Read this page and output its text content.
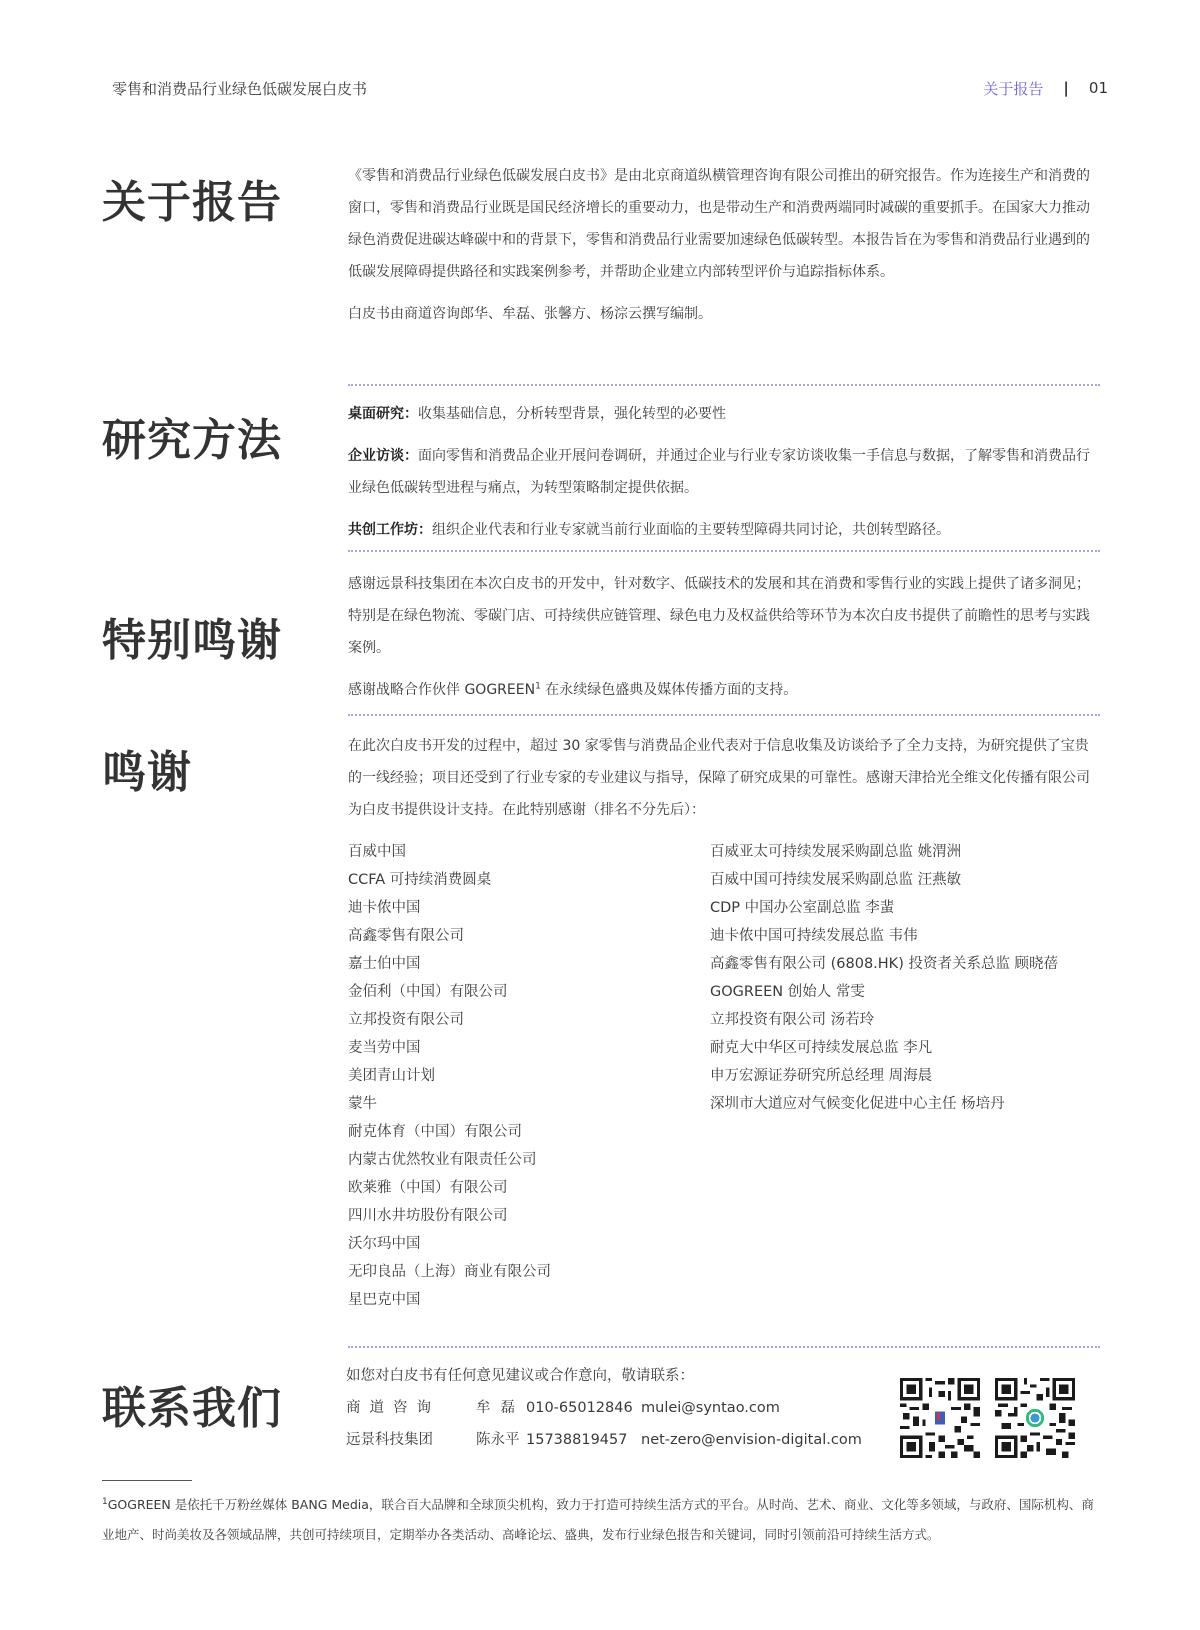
零售和消费品行业绿色低碳发展白皮书	关于报告 | 01
关于报告

《零售和消费品行业绿色低碳发展白皮书》是由北京商道纵横管理咨询有限公司推出的研究报告。作为连接生产和消费的窗口，零售和消费品行业既是国民经济增长的重要动力，也是带动生产和消费两端同时减碳的重要抓手。在国家大力推动绿色消费促进碳达峰碳中和的背景下，零售和消费品行业需要加速绿色低碳转型。本报告旨在为零售和消费品行业遇到的低碳发展障碍提供路径和实践案例参考，并帮助企业建立内部转型评价与追踪指标体系。

白皮书由商道咨询郎华、牟磊、张馨方、杨淙云撰写编制。

研究方法

桌面研究：收集基础信息，分析转型背景，强化转型的必要性

企业访谈：面向零售和消费品企业开展问卷调研，并通过企业与行业专家访谈收集一手信息与数据，了解零售和消费品行业绿色低碳转型进程与痛点，为转型策略制定提供依据。

共创工作坊：组织企业代表和行业专家就当前行业面临的主要转型障碍共同讨论，共创转型路径。

特别鸣谢

感谢远景科技集团在本次白皮书的开发中，针对数字、低碳技术的发展和其在消费和零售行业的实践上提供了诸多洞见；特别是在绿色物流、零碳门店、可持续供应链管理、绿色电力及权益供给等环节为本次白皮书提供了前瞻性的思考与实践案例。

感谢战略合作伙伴 GOGREEN$^1$ 在永续绿色盛典及媒体传播方面的支持。

鸣谢

在此次白皮书开发的过程中，超过 30 家零售与消费品企业代表对于信息收集及访谈给予了全力支持，为研究提供了宝贵的一线经验；项目还受到了行业专家的专业建议与指导，保障了研究成果的可靠性。感谢天津拾光全维文化传播有限公司为白皮书提供设计支持。在此特别感谢（排名不分先后）：

百威中国
CCFA 可持续消费圆桌
迪卡侬中国
高鑫零售有限公司
嘉士伯中国
金佰利（中国）有限公司
立邦投资有限公司
麦当劳中国
美团青山计划
蒙牛
耐克体育（中国）有限公司
内蒙古优然牧业有限责任公司
欧莱雅（中国）有限公司
四川水井坊股份有限公司
沃尔玛中国
无印良品（上海）商业有限公司
星巴克中国
百威亚太可持续发展采购副总监 姚渭洲
百威中国可持续发展采购副总监 汪燕敏
CDP 中国办公室副总监 李蜚
迪卡侬中国可持续发展总监 韦伟
高鑫零售有限公司 (6808.HK) 投资者关系总监 顾晓蓓
GOGREEN 创始人 常雯
立邦投资有限公司 汤若玲
耐克大中华区可持续发展总监 李凡
申万宏源证券研究所总经理 周海晨
深圳市大道应对气候变化促进中心主任 杨培丹
联系我们
如您对白皮书有任何意见建议或合作意向，敬请联系：
商道咨询	牟磊 010-65012846 mulei@syntao.com
远景科技集团	陈永平 15738819457 net-zero@envision-digital.com
$^1$GOGREEN 是依托千万粉丝媒体 BANG Media，联合百大品牌和全球顶尖机构，致力于打造可持续生活方式的平台。从时尚、艺术、商业、文化等多领域，与政府、国际机构、商业地产、时尚美妆及各领域品牌，共创可持续项目，定期举办各类活动、高峰论坛、盛典，发布行业绿色报告和关键词，同时引领前沿可持续生活方式。
